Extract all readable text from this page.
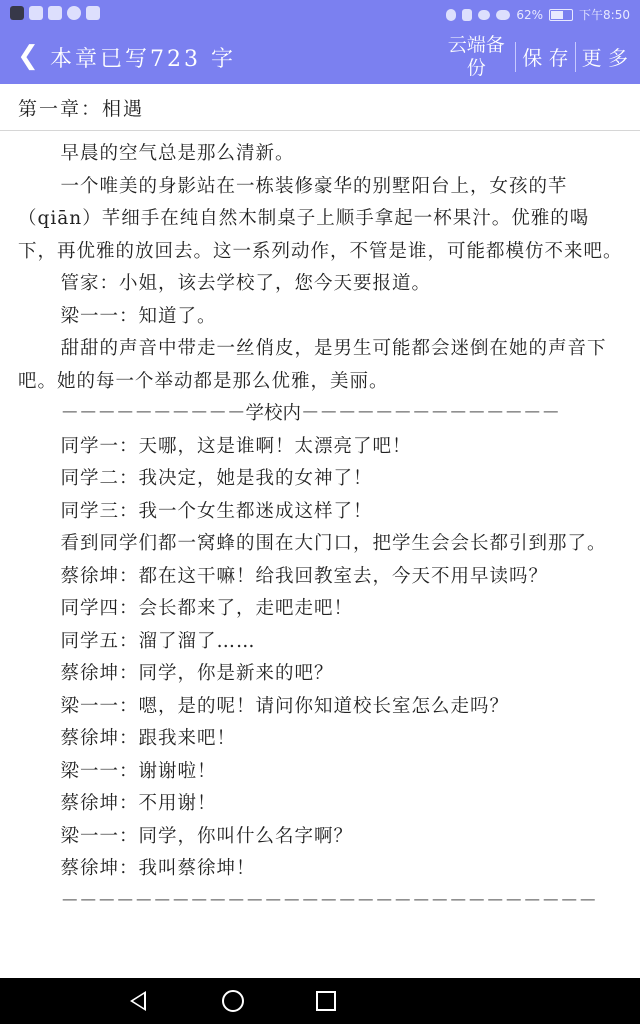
62%	下午8:50
❮ 本章已写723 字
云端备
份	保 存 更 多
第一章：相遇

早晨的空气总是那么清新。

一个唯美的身影站在一栋装修豪华的别墅阳台上，女孩的芊（qiān）芊细手在纯自然木制桌子上顺手拿起一杯果汁。优雅的喝下，再优雅的放回去。这一系列动作，不管是谁，可能都模仿不来吧。

管家：小姐，该去学校了，您今天要报道。

梁一一：知道了。

甜甜的声音中带走一丝俏皮，是男生可能都会迷倒在她的声音下吧。她的每一个举动都是那么优雅，美丽。

－－－－－－－－－－学校内－－－－－－－－－－－－－－

同学一：天哪，这是谁啊！太漂亮了吧！

同学二：我决定，她是我的女神了！

同学三：我一个女生都迷成这样了！

看到同学们都一窝蜂的围在大门口，把学生会会长都引到那了。

蔡徐坤：都在这干嘛！给我回教室去，今天不用早读吗？

同学四：会长都来了，走吧走吧！

同学五：溜了溜了……

蔡徐坤：同学，你是新来的吧？

梁一一：嗯，是的呢！请问你知道校长室怎么走吗？

蔡徐坤：跟我来吧！

梁一一：谢谢啦！

蔡徐坤：不用谢！

梁一一：同学，你叫什么名字啊？

蔡徐坤：我叫蔡徐坤！

－－－－－－－－－－－－－－－－－－－－－－－－－－－－－
